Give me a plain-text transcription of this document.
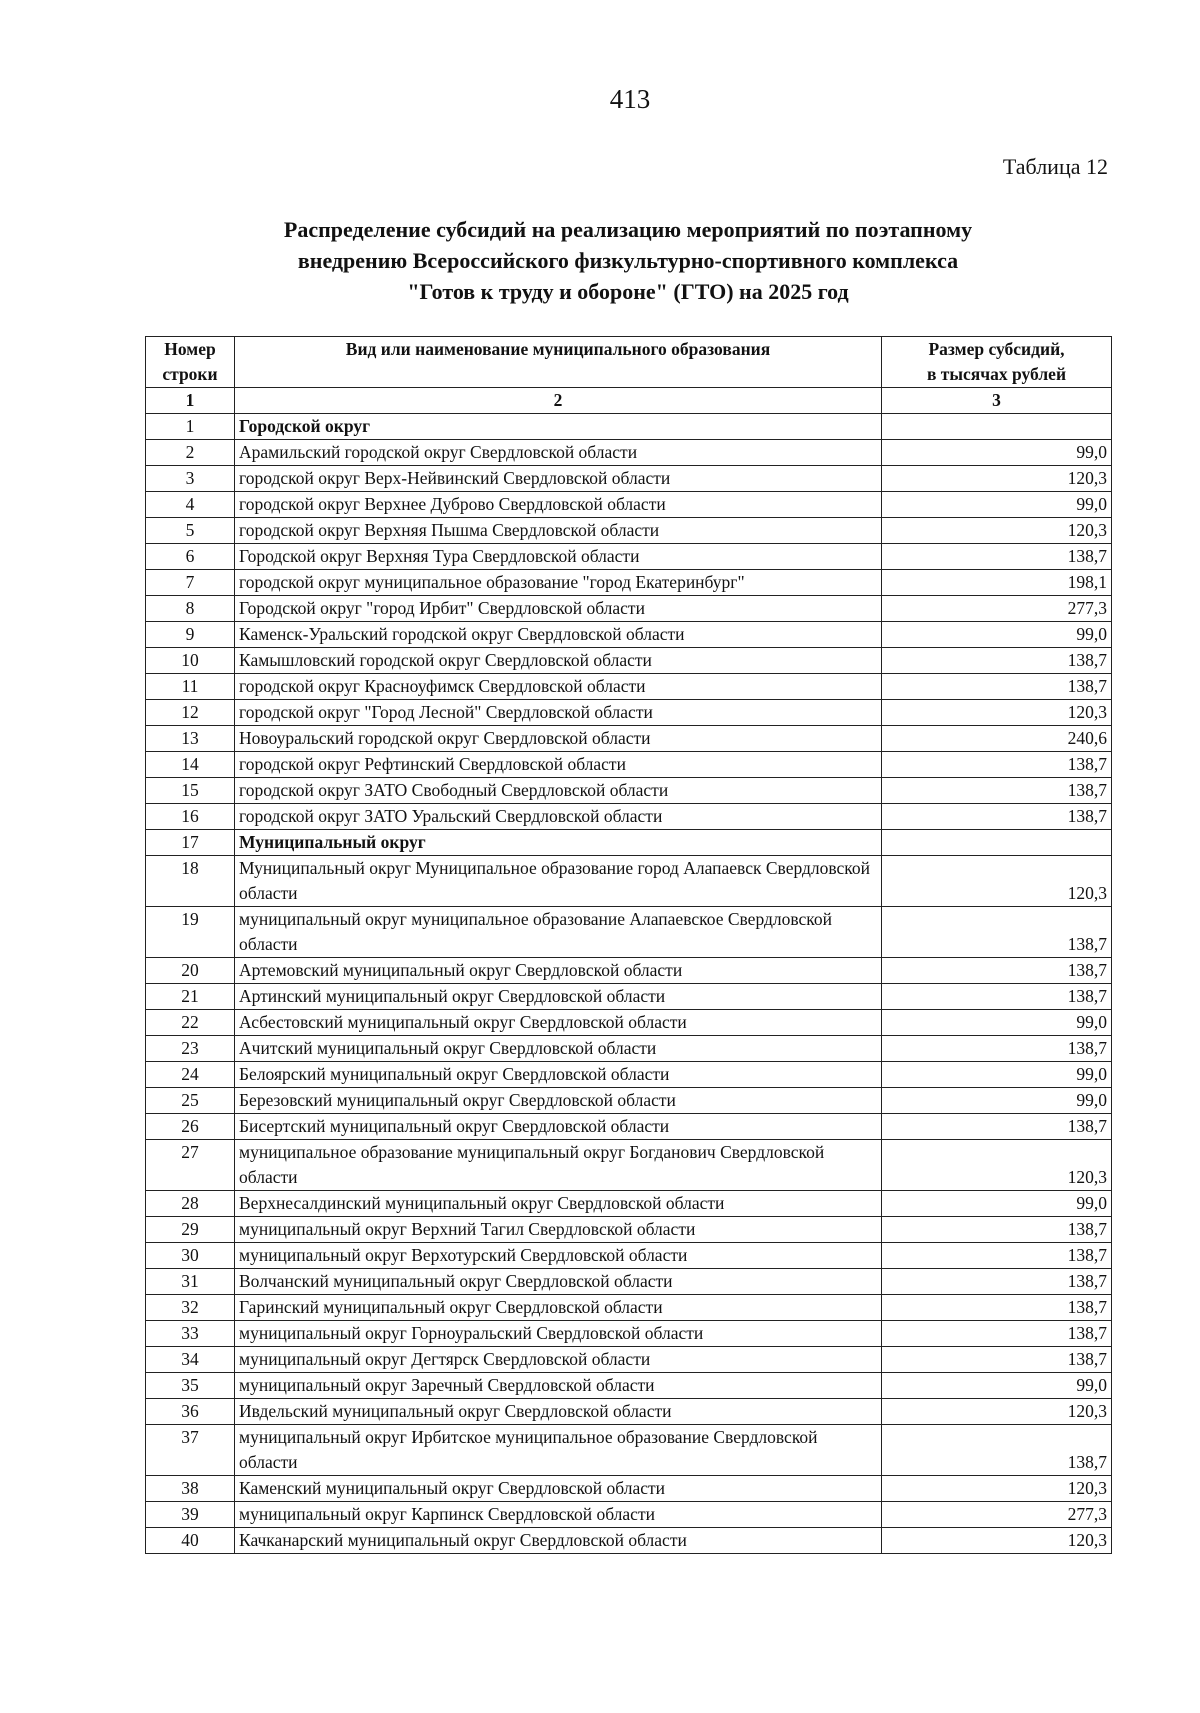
413
Таблица 12
Распределение субсидий на реализацию мероприятий по поэтапному
внедрению Всероссийского физкультурно-спортивного комплекса
"Готов к труду и обороне" (ГТО) на 2025 год
Номер строки	Вид или наименование муниципального образования	Размер субсидий,
в тысячах рублей

1	2	3
1	Городской округ	
2	Арамильский городской округ Свердловской области	99,0
3	городской округ Верх-Нейвинский Свердловской области	120,3
4	городской округ Верхнее Дуброво Свердловской области	99,0
5	городской округ Верхняя Пышма Свердловской области	120,3
6	Городской округ Верхняя Тура Свердловской области	138,7
7	городской округ муниципальное образование "город Екатеринбург"	198,1
8	Городской округ "город Ирбит" Свердловской области	277,3
9	Каменск-Уральский городской округ Свердловской области	99,0
10	Камышловский городской округ Свердловской области	138,7
11	городской округ Красноуфимск Свердловской области	138,7
12	городской округ "Город Лесной" Свердловской области	120,3
13	Новоуральский городской округ Свердловской области	240,6
14	городской округ Рефтинский Свердловской области	138,7
15	городской округ ЗАТО Свободный Свердловской области	138,7
16	городской округ ЗАТО Уральский Свердловской области	138,7
17	Муниципальный округ	
18	Муниципальный округ Муниципальное образование город Алапаевск Свердловской области	120,3
19	муниципальный округ муниципальное образование Алапаевское Свердловской области	138,7
20	Артемовский муниципальный округ Свердловской области	138,7
21	Артинский муниципальный округ Свердловской области	138,7
22	Асбестовский муниципальный округ Свердловской области	99,0
23	Ачитский муниципальный округ Свердловской области	138,7
24	Белоярский муниципальный округ Свердловской области	99,0
25	Березовский муниципальный округ Свердловской области	99,0
26	Бисертский муниципальный округ Свердловской области	138,7
27	муниципальное образование муниципальный округ Богданович Свердловской области	120,3
28	Верхнесалдинский муниципальный округ Свердловской области	99,0
29	муниципальный округ Верхний Тагил Свердловской области	138,7
30	муниципальный округ Верхотурский Свердловской области	138,7
31	Волчанский муниципальный округ Свердловской области	138,7
32	Гаринский муниципальный округ Свердловской области	138,7
33	муниципальный округ Горноуральский Свердловской области	138,7
34	муниципальный округ Дегтярск Свердловской области	138,7
35	муниципальный округ Заречный Свердловской области	99,0
36	Ивдельский муниципальный округ Свердловской области	120,3
37	муниципальный округ Ирбитское муниципальное образование Свердловской области	138,7
38	Каменский муниципальный округ Свердловской области	120,3
39	муниципальный округ Карпинск Свердловской области	277,3
40	Качканарский муниципальный округ Свердловской области	120,3
